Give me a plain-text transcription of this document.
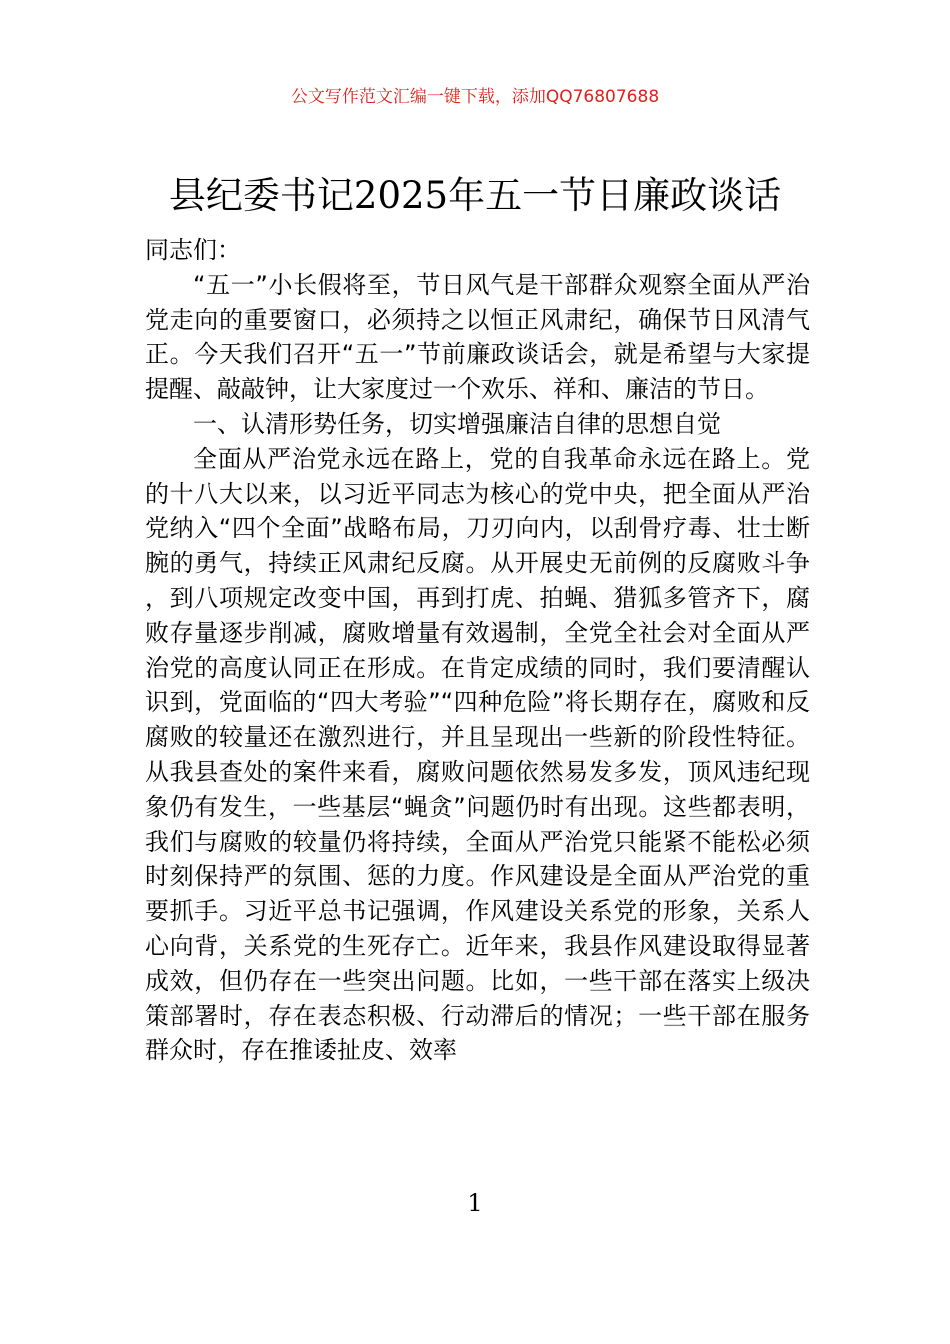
公文写作范文汇编一键下载，添加QQ76807688
县纪委书记2025年五一节日廉政谈话

同志们：

“五一”小长假将至，节日风气是干部群众观察全面从严治党走向的重要窗口，必须持之以恒正风肃纪，确保节日风清气正。今天我们召开“五一”节前廉政谈话会，就是希望与大家提提醒、敲敲钟，让大家度过一个欢乐、祥和、廉洁的节日。

一、认清形势任务，切实增强廉洁自律的思想自觉

全面从严治党永远在路上，党的自我革命永远在路上。党的十八大以来，以习近平同志为核心的党中央，把全面从严治党纳入“四个全面”战略布局，刀刃向内，以刮骨疗毒、壮士断腕的勇气，持续正风肃纪反腐。从开展史无前例的反腐败斗争，到八项规定改变中国，再到打虎、拍蝇、猎狐多管齐下，腐败存量逐步削减，腐败增量有效遏制，全党全社会对全面从严治党的高度认同正在形成。在肯定成绩的同时，我们要清醒认识到，党面临的“四大考验”“四种危险”将长期存在，腐败和反腐败的较量还在激烈进行，并且呈现出一些新的阶段性特征。从我县查处的案件来看，腐败问题依然易发多发，顶风违纪现象仍有发生，一些基层“蝇贪”问题仍时有出现。这些都表明，我们与腐败的较量仍将持续，全面从严治党只能紧不能松必须时刻保持严的氛围、惩的力度。作风建设是全面从严治党的重要抓手。习近平总书记强调，作风建设关系党的形象，关系人心向背，关系党的生死存亡。近年来，我县作风建设取得显著成效，但仍存在一些突出问题。比如，一些干部在落实上级决策部署时，存在表态积极、行动滞后的情况；一些干部在服务群众时，存在推诿扯皮、效率

1
